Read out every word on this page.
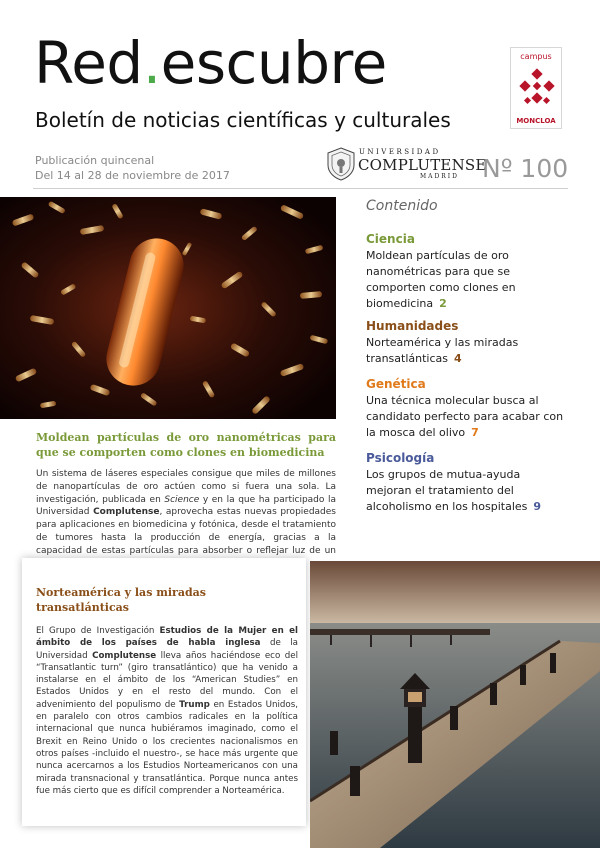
Red.escubre
Boletín de noticias científicas y culturales
Publicación quincenal
Del 14 al 28 de noviembre de 2017
campus
MONCLOA
UNIVERSIDAD
COMPLUTENSE
MADRID Nº 100
Contenido
Ciencia
Moldean partículas de oro nanométricas para que se comporten como clones en biomedicina 2
Humanidades
Norteamérica y las miradas transatlánticas 4
Genética
Una técnica molecular busca al candidato perfecto para acabar con la mosca del olivo 7
Psicología
Los grupos de mutua-ayuda mejoran el tratamiento del alcoholismo en los hospitales 9
Moldean partículas de oro nanométricas para que se comporten como clones en biomedicina
Un sistema de láseres especiales consigue que miles de millones de nanopartículas de oro actúen como si fuera una sola. La investigación, publicada en Science y en la que ha participado la Universidad Complutense, aprovecha estas nuevas propiedades para aplicaciones en biomedicina y fotónica, desde el tratamiento de tumores hasta la producción de energía, gracias a la capacidad de estas partículas para absorber o reflejar luz de un
Norteamérica y las miradas transatlánticas
El Grupo de Investigación Estudios de la Mujer en el ámbito de los países de habla inglesa de la Universidad Complutense lleva años haciéndose eco del “Transatlantic turn” (giro transatlántico) que ha venido a instalarse en el ámbito de los “American Studies” en Estados Unidos y en el resto del mundo. Con el advenimiento del populismo de Trump en Estados Unidos, en paralelo con otros cambios radicales en la política internacional que nunca hubiéramos imaginado, como el Brexit en Reino Unido o los crecientes nacionalismos en otros países -incluido el nuestro-, se hace más urgente que nunca acercarnos a los Estudios Norteamericanos con una mirada transnacional y transatlántica. Porque nunca antes fue más cierto que es difícil comprender a Norteamérica.
